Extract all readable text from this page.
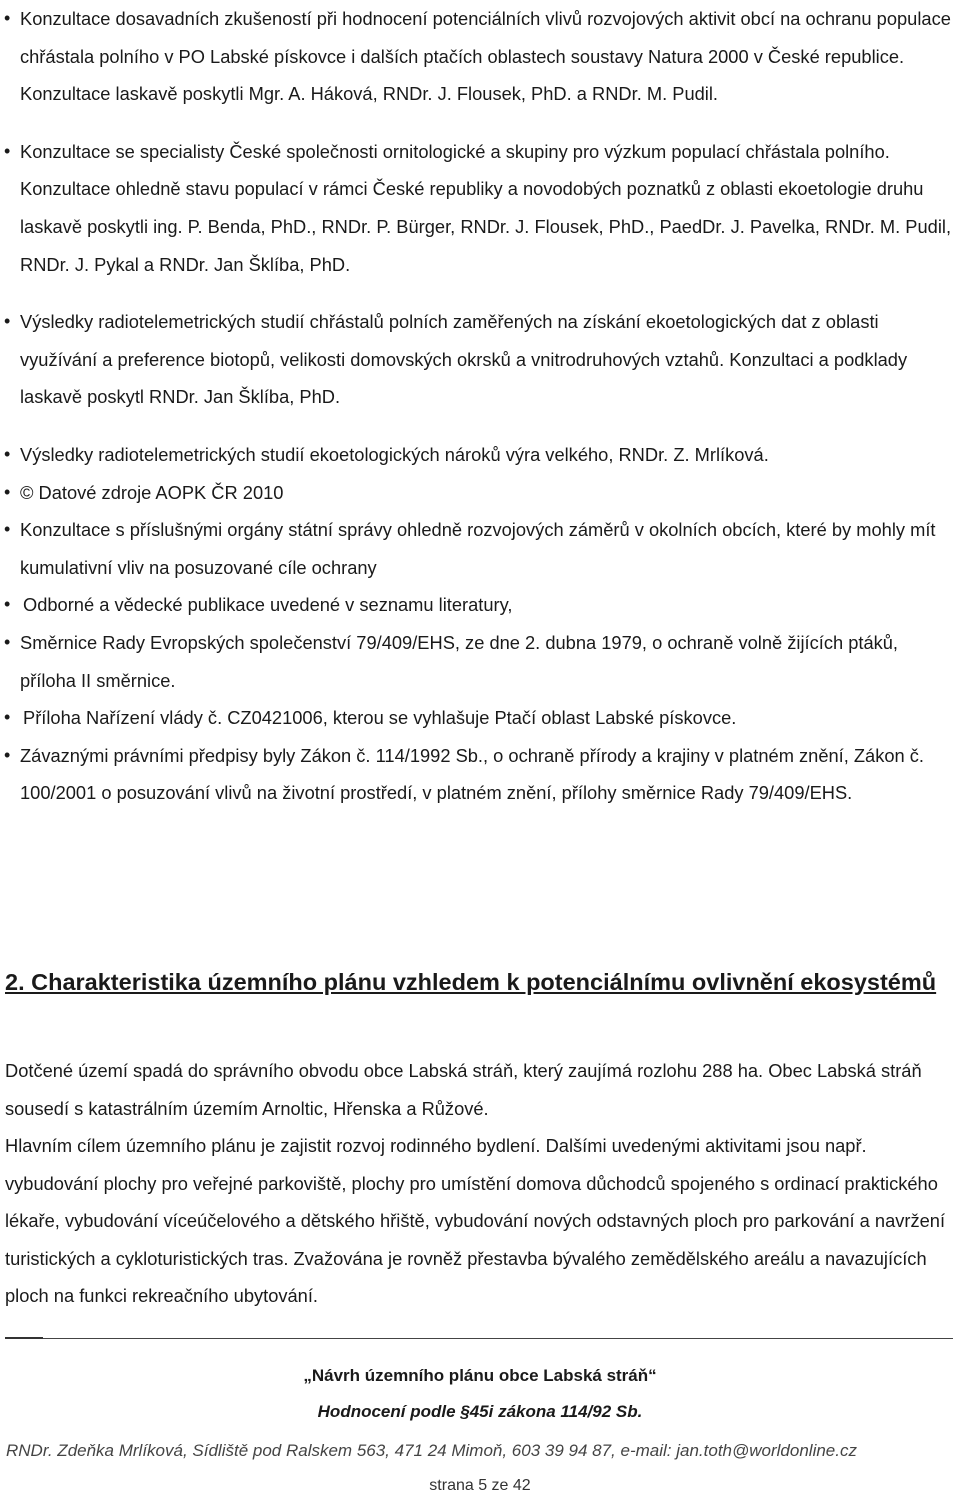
• Konzultace dosavadních zkušeností při hodnocení potenciálních vlivů rozvojových aktivit obcí na ochranu populace chřástala polního v PO Labské pískovce i dalších ptačích oblastech soustavy Natura 2000 v České republice. Konzultace laskavě poskytli Mgr. A. Háková, RNDr. J. Flousek, PhD. a RNDr. M. Pudil.

• Konzultace se specialisty České společnosti ornitologické a skupiny pro výzkum populací chřástala polního. Konzultace ohledně stavu populací v rámci České republiky a novodobých poznatků z oblasti ekoetologie druhu laskavě poskytli ing. P. Benda, PhD., RNDr. P. Bürger, RNDr. J. Flousek, PhD., PaedDr. J. Pavelka, RNDr. M. Pudil, RNDr. J. Pykal a RNDr. Jan Šklíba, PhD.

• Výsledky radiotelemetrických studií chřástalů polních zaměřených na získání ekoetologických dat z oblasti využívání a preference biotopů, velikosti domovských okrsků a vnitrodruhových vztahů. Konzultaci a podklady laskavě poskytl RNDr. Jan Šklíba, PhD.

• Výsledky radiotelemetrických studií ekoetologických nároků výra velkého, RNDr. Z. Mrlíková.

• © Datové zdroje AOPK ČR 2010

• Konzultace s příslušnými orgány státní správy ohledně rozvojových záměrů v okolních obcích, které by mohly mít kumulativní vliv na posuzované cíle ochrany

• Odborné a vědecké publikace uvedené v seznamu literatury,

• Směrnice Rady Evropských společenství 79/409/EHS, ze dne 2. dubna 1979, o ochraně volně žijících ptáků, příloha II směrnice.

• Příloha Nařízení vlády č. CZ0421006, kterou se vyhlašuje Ptačí oblast Labské pískovce.

• Závaznými právními předpisy byly Zákon č. 114/1992 Sb., o ochraně přírody a krajiny v platném znění, Zákon č. 100/2001 o posuzování vlivů na životní prostředí, v platném znění, přílohy směrnice Rady 79/409/EHS.

2. Charakteristika územního plánu vzhledem k potenciálnímu ovlivnění ekosystémů

Dotčené území spadá do správního obvodu obce Labská stráň, který zaujímá rozlohu 288 ha. Obec Labská stráň sousedí s katastrálním územím Arnoltic, Hřenska a Růžové.

Hlavním cílem územního plánu je zajistit rozvoj rodinného bydlení. Dalšími uvedenými aktivitami jsou např. vybudování plochy pro veřejné parkoviště, plochy pro umístění domova důchodců spojeného s ordinací praktického lékaře, vybudování víceúčelového a dětského hřiště, vybudování nových odstavných ploch pro parkování a navržení turistických a cykloturistických tras. Zvažována je rovněž přestavba bývalého zemědělského areálu a navazujících ploch na funkci rekreačního ubytování.

„Návrh územního plánu obce Labská stráň“
Hodnocení podle §45i zákona 114/92 Sb.
RNDr. Zdeňka Mrlíková, Sídliště pod Ralskem 563, 471 24 Mimoň, 603 39 94 87, e-mail: jan.toth@worldonline.cz
strana 5 ze 42
